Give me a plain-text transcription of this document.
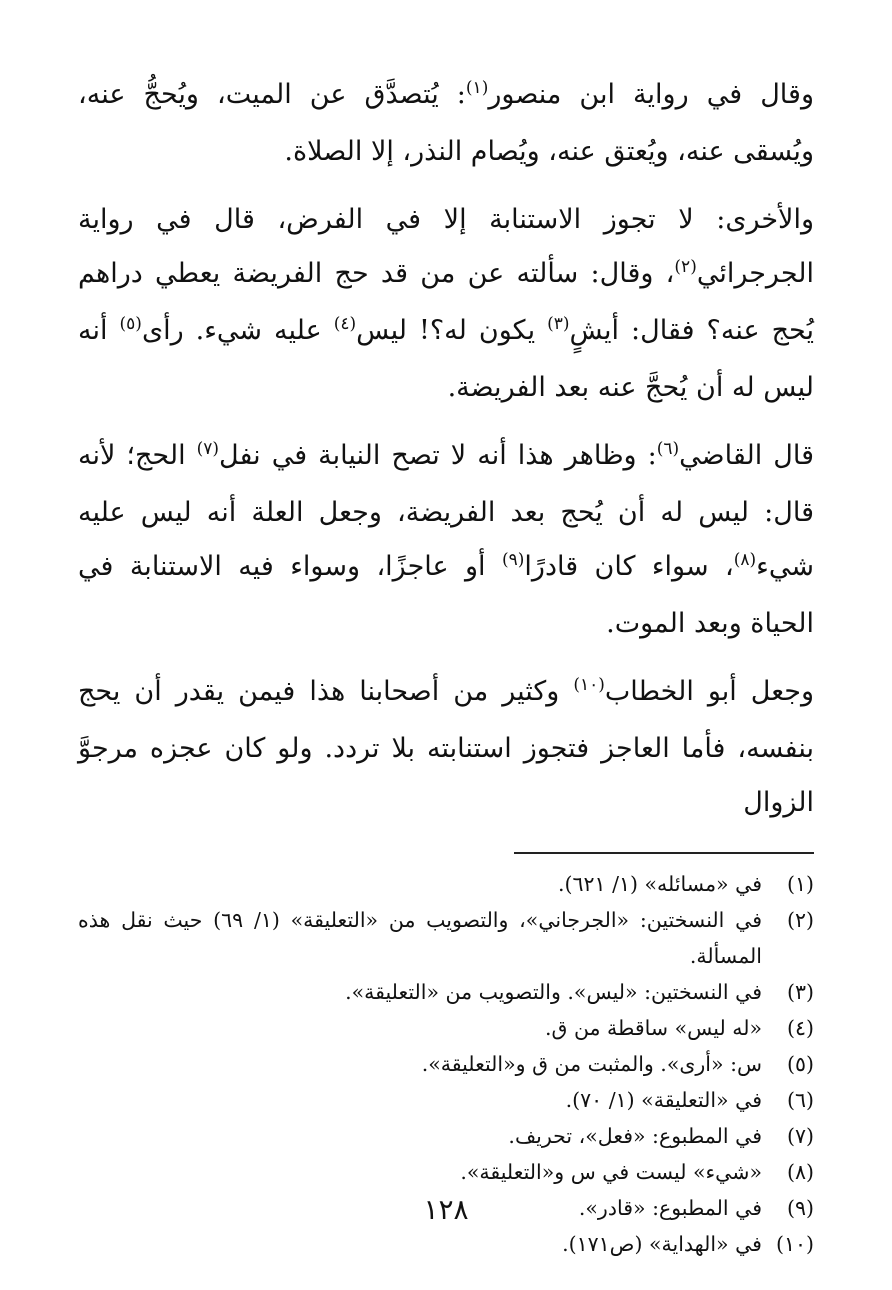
وقال في رواية ابن منصور$^{(١)}$: يُتصدَّق عن الميت، ويُحجُّ عنه، ويُسقى عنه، ويُعتق عنه، ويُصام النذر، إلا الصلاة.

والأخرى: لا تجوز الاستنابة إلا في الفرض، قال في رواية الجرجرائي$^{(٢)}$، وقال: سألته عن من قد حج الفريضة يعطي دراهم يُحج عنه؟ فقال: أيشٍ$^{(٣)}$ يكون له؟! ليس$^{(٤)}$ عليه شيء. رأى$^{(٥)}$ أنه ليس له أن يُحجَّ عنه بعد الفريضة.

قال القاضي$^{(٦)}$: وظاهر هذا أنه لا تصح النيابة في نفل$^{(٧)}$ الحج؛ لأنه قال: ليس له أن يُحج بعد الفريضة، وجعل العلة أنه ليس عليه شيء$^{(٨)}$، سواء كان قادرًا$^{(٩)}$ أو عاجزًا، وسواء فيه الاستنابة في الحياة وبعد الموت.

وجعل أبو الخطاب$^{(١٠)}$ وكثير من أصحابنا هذا فيمن يقدر أن يحج بنفسه، فأما العاجز فتجوز استنابته بلا تردد. ولو كان عجزه مرجوَّ الزوال

(١)
في «مسائله» (١/ ٦٢١).
(٢)
في النسختين: «الجرجاني»، والتصويب من «التعليقة» (١/ ٦٩) حيث نقل هذه المسألة.
(٣)
في النسختين: «ليس». والتصويب من «التعليقة».
(٤)
«له ليس» ساقطة من ق.
(٥)
س: «أرى». والمثبت من ق و«التعليقة».
(٦)
في «التعليقة» (١/ ٧٠).
(٧)
في المطبوع: «فعل»، تحريف.
(٨)
«شيء» ليست في س و«التعليقة».
(٩)
في المطبوع: «قادر».
(١٠)
في «الهداية» (ص١٧١).
١٢٨
